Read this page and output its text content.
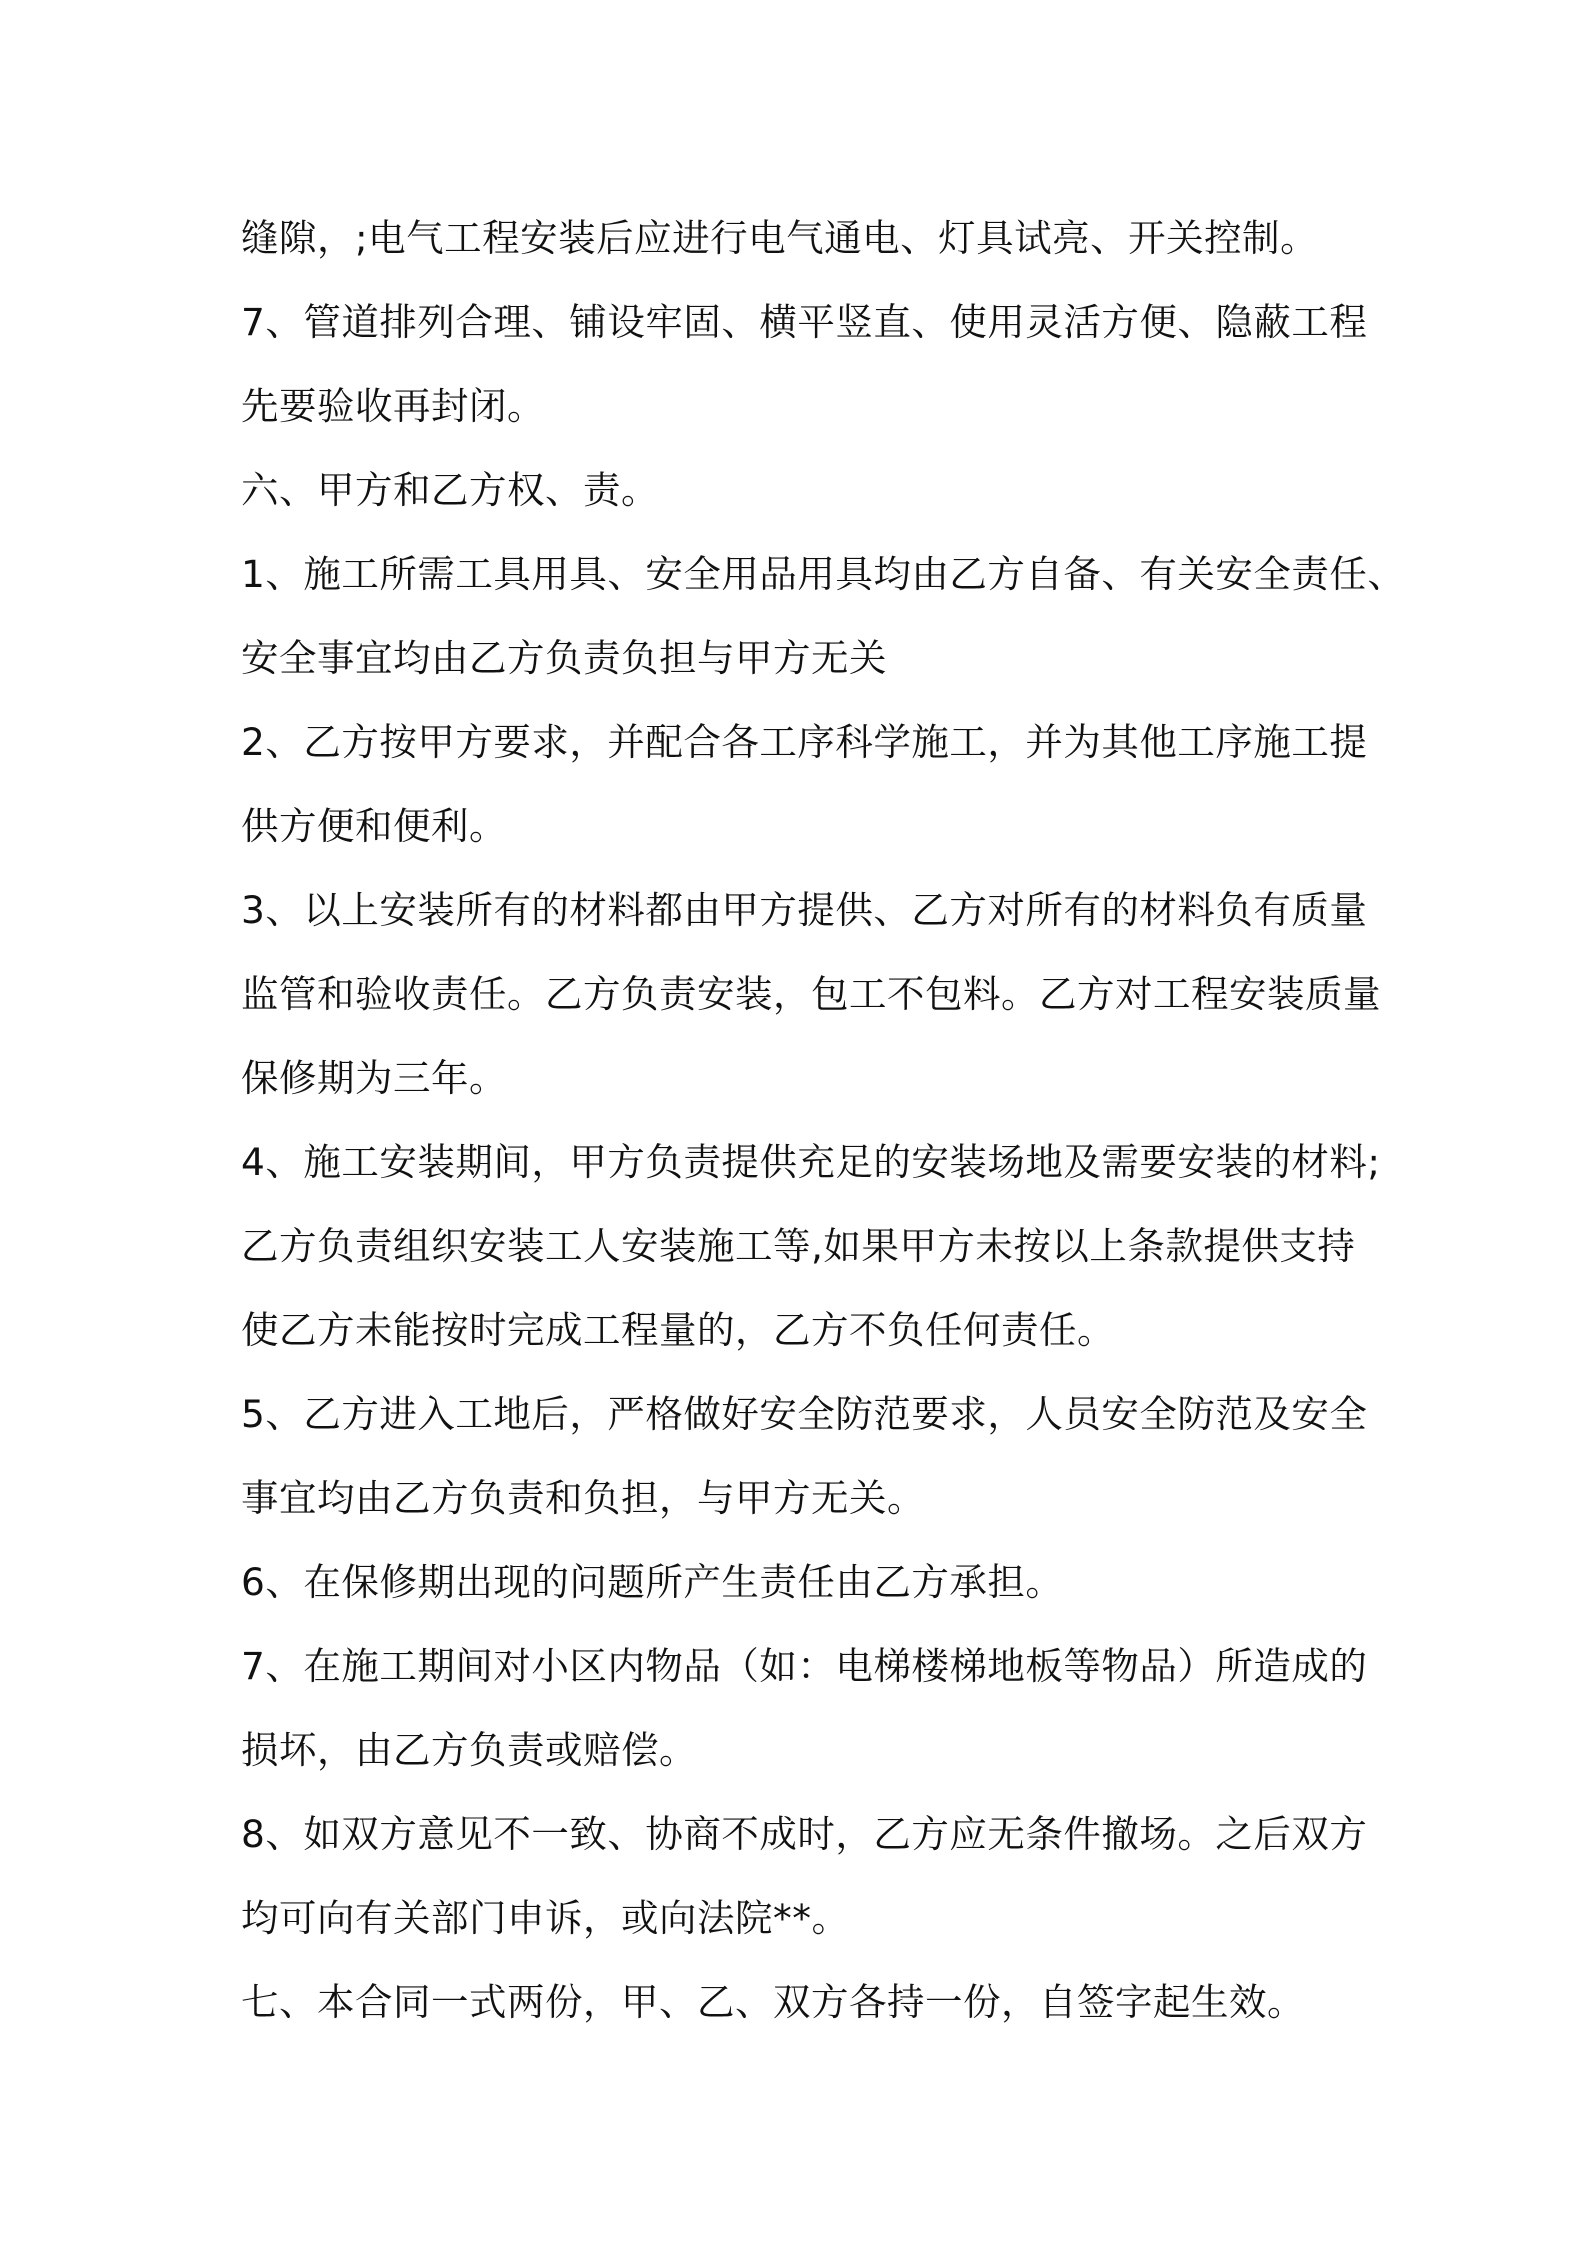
缝隙，;电气工程安装后应进行电气通电、灯具试亮、开关控制。
7、管道排列合理、铺设牢固、横平竖直、使用灵活方便、隐蔽工程
先要验收再封闭。
六、甲方和乙方权、责。
1、施工所需工具用具、安全用品用具均由乙方自备、有关安全责任、
安全事宜均由乙方负责负担与甲方无关
2、乙方按甲方要求，并配合各工序科学施工，并为其他工序施工提
供方便和便利。
3、以上安装所有的材料都由甲方提供、乙方对所有的材料负有质量
监管和验收责任。乙方负责安装，包工不包料。乙方对工程安装质量
保修期为三年。
4、施工安装期间，甲方负责提供充足的安装场地及需要安装的材料;
乙方负责组织安装工人安装施工等,如果甲方未按以上条款提供支持
使乙方未能按时完成工程量的，乙方不负任何责任。
5、乙方进入工地后，严格做好安全防范要求，人员安全防范及安全
事宜均由乙方负责和负担，与甲方无关。
6、在保修期出现的问题所产生责任由乙方承担。
7、在施工期间对小区内物品（如：电梯楼梯地板等物品）所造成的
损坏，由乙方负责或赔偿。
8、如双方意见不一致、协商不成时，乙方应无条件撤场。之后双方
均可向有关部门申诉，或向法院**。
七、本合同一式两份，甲、乙、双方各持一份，自签字起生效。
